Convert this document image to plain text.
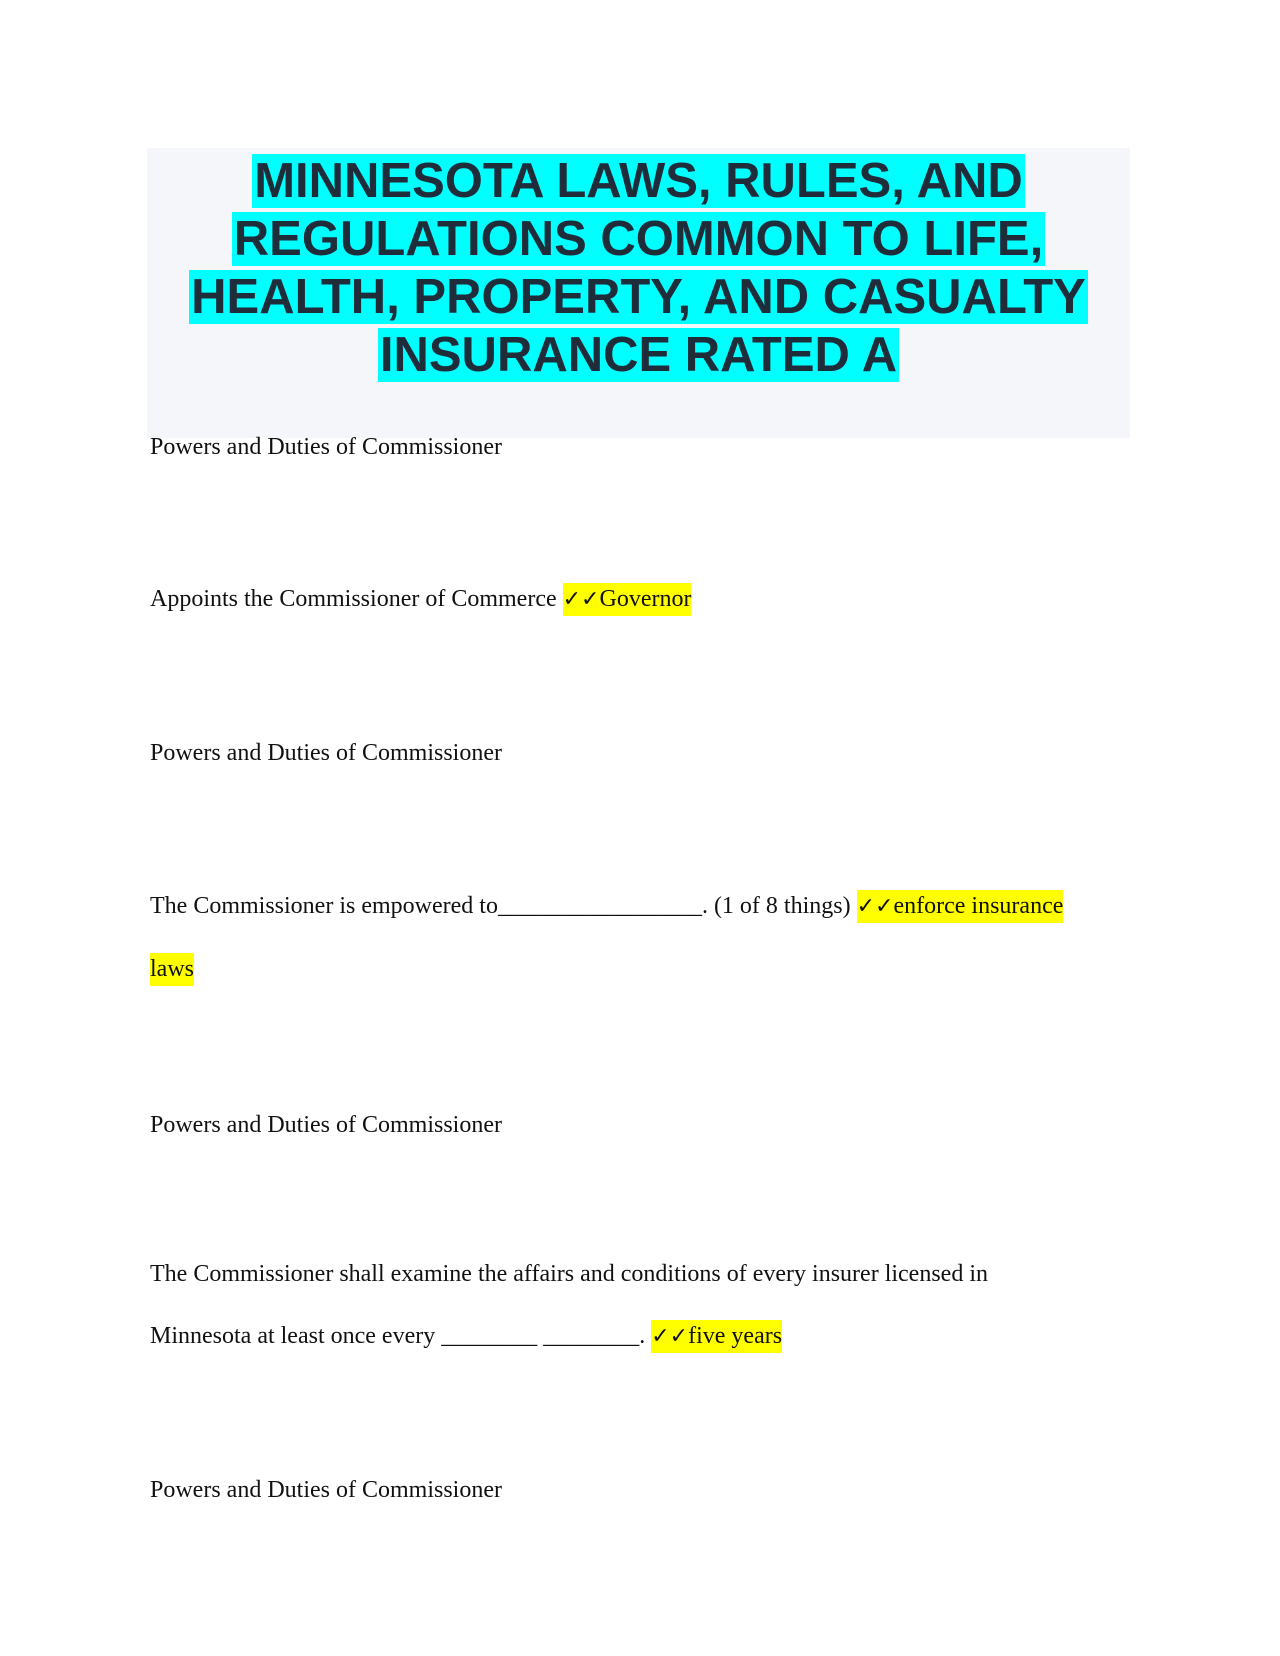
MINNESOTA LAWS, RULES, AND
REGULATIONS COMMON TO LIFE,
HEALTH, PROPERTY, AND CASUALTY
INSURANCE RATED A

Powers and Duties of Commissioner

Appoints the Commissioner of Commerce ✓✓Governor

Powers and Duties of Commissioner

The Commissioner is empowered to_________________. (1 of 8 things) ✓✓enforce insurance

laws

Powers and Duties of Commissioner

The Commissioner shall examine the affairs and conditions of every insurer licensed in

Minnesota at least once every ________ ________. ✓✓five years

Powers and Duties of Commissioner
